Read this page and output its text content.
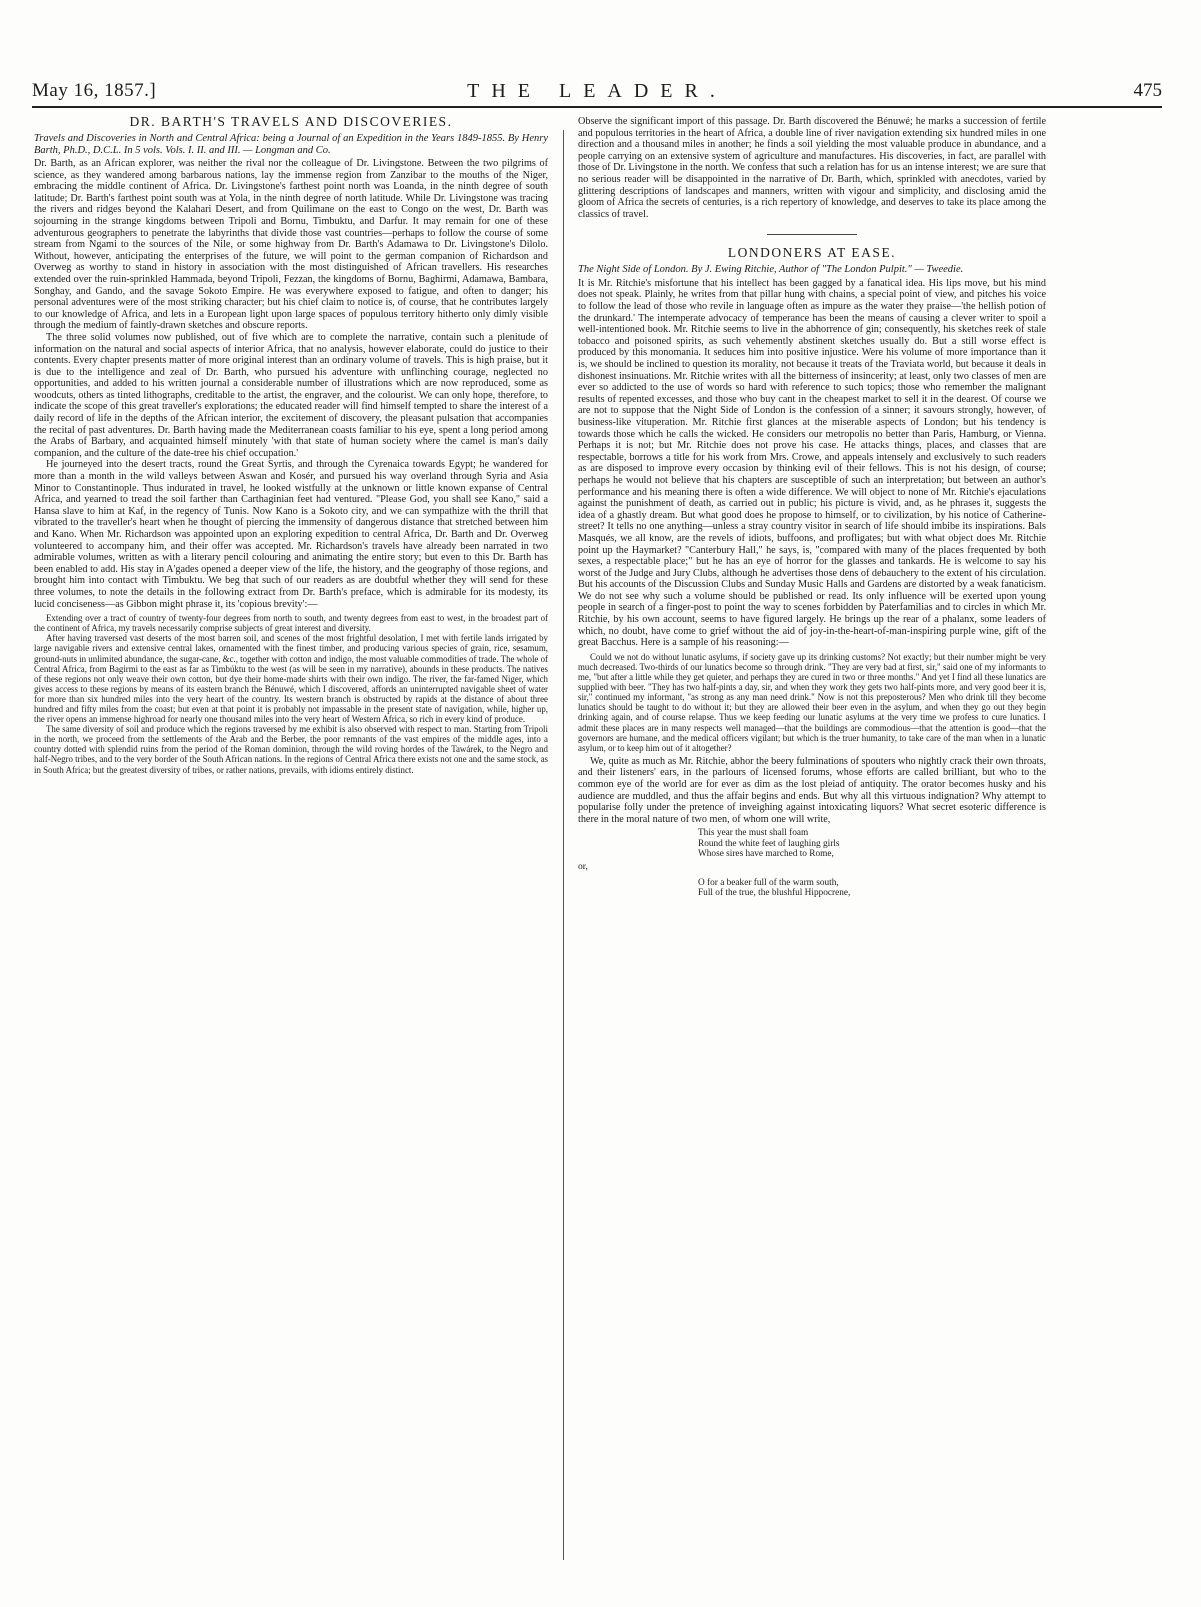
May 16, 1857.]	THE LEADER.	475
DR. BARTH'S TRAVELS AND DISCOVERIES.

Travels and Discoveries in North and Central Africa: being a Journal of an Expedition in the Years 1849-1855. By Henry Barth, Ph.D., D.C.L. In 5 vols. Vols. I. II. and III. — Longman and Co.

Dr. Barth, as an African explorer, was neither the rival nor the colleague of Dr. Livingstone. Between the two pilgrims of science, as they wandered among barbarous nations, lay the immense region from Zanzibar to the mouths of the Niger, embracing the middle continent of Africa. Dr. Livingstone's farthest point north was Loanda, in the ninth degree of south latitude; Dr. Barth's farthest point south was at Yola, in the ninth degree of north latitude. While Dr. Livingstone was tracing the rivers and ridges beyond the Kalahari Desert, and from Quilimane on the east to Congo on the west, Dr. Barth was sojourning in the strange kingdoms between Tripoli and Bornu, Timbuktu, and Darfur. It may remain for one of these adventurous geographers to penetrate the labyrinths that divide those vast countries—perhaps to follow the course of some stream from Ngami to the sources of the Nile, or some highway from Dr. Barth's Adamawa to Dr. Livingstone's Dilolo. Without, however, anticipating the enterprises of the future, we will point to the german companion of Richardson and Overweg as worthy to stand in history in association with the most distinguished of African travellers. His researches extended over the ruin-sprinkled Hammada, beyond Tripoli, Fezzan, the kingdoms of Bornu, Baghirmi, Adamawa, Bambara, Songhay, and Gando, and the savage Sokoto Empire. He was everywhere exposed to fatigue, and often to danger; his personal adventures were of the most striking character; but his chief claim to notice is, of course, that he contributes largely to our knowledge of Africa, and lets in a European light upon large spaces of populous territory hitherto only dimly visible through the medium of faintly-drawn sketches and obscure reports.

The three solid volumes now published, out of five which are to complete the narrative, contain such a plenitude of information on the natural and social aspects of interior Africa, that no analysis, however elaborate, could do justice to their contents. Every chapter presents matter of more original interest than an ordinary volume of travels. This is high praise, but it is due to the intelligence and zeal of Dr. Barth, who pursued his adventure with unflinching courage, neglected no opportunities, and added to his written journal a considerable number of illustrations which are now reproduced, some as woodcuts, others as tinted lithographs, creditable to the artist, the engraver, and the colourist. We can only hope, therefore, to indicate the scope of this great traveller's explorations; the educated reader will find himself tempted to share the interest of a daily record of life in the depths of the African interior, the excitement of discovery, the pleasant pulsation that accompanies the recital of past adventures. Dr. Barth having made the Mediterranean coasts familiar to his eye, spent a long period among the Arabs of Barbary, and acquainted himself minutely 'with that state of human society where the camel is man's daily companion, and the culture of the date-tree his chief occupation.'

He journeyed into the desert tracts, round the Great Syrtis, and through the Cyrenaica towards Egypt; he wandered for more than a month in the wild valleys between Aswan and Kosér, and pursued his way overland through Syria and Asia Minor to Constantinople. Thus indurated in travel, he looked wistfully at the unknown or little known expanse of Central Africa, and yearned to tread the soil farther than Carthaginian feet had ventured. "Please God, you shall see Kano," said a Hansa slave to him at Kaf, in the regency of Tunis. Now Kano is a Sokoto city, and we can sympathize with the thrill that vibrated to the traveller's heart when he thought of piercing the immensity of dangerous distance that stretched between him and Kano. When Mr. Richardson was appointed upon an exploring expedition to central Africa, Dr. Barth and Dr. Overweg volunteered to accompany him, and their offer was accepted. Mr. Richardson's travels have already been narrated in two admirable volumes, written as with a literary pencil colouring and animating the entire story; but even to this Dr. Barth has been enabled to add. His stay in A'gades opened a deeper view of the life, the history, and the geography of those regions, and brought him into contact with Timbuktu. We beg that such of our readers as are doubtful whether they will send for these three volumes, to note the details in the following extract from Dr. Barth's preface, which is admirable for its modesty, its lucid conciseness—as Gibbon might phrase it, its 'copious brevity':—

Extending over a tract of country of twenty-four degrees from north to south, and twenty degrees from east to west, in the broadest part of the continent of Africa, my travels necessarily comprise subjects of great interest and diversity.

After having traversed vast deserts of the most barren soil, and scenes of the most frightful desolation, I met with fertile lands irrigated by large navigable rivers and extensive central lakes, ornamented with the finest timber, and producing various species of grain, rice, sesamum, ground-nuts in unlimited abundance, the sugar-cane, &c., together with cotton and indigo, the most valuable commodities of trade. The whole of Central Africa, from Bagirmi to the east as far as Timbúktu to the west (as will be seen in my narrative), abounds in these products. The natives of these regions not only weave their own cotton, but dye their home-made shirts with their own indigo. The river, the far-famed Niger, which gives access to these regions by means of its eastern branch the Bénuwé, which I discovered, affords an uninterrupted navigable sheet of water for more than six hundred miles into the very heart of the country. Its western branch is obstructed by rapids at the distance of about three hundred and fifty miles from the coast; but even at that point it is probably not impassable in the present state of navigation, while, higher up, the river opens an immense highroad for nearly one thousand miles into the very heart of Western Africa, so rich in every kind of produce.

The same diversity of soil and produce which the regions traversed by me exhibit is also observed with respect to man. Starting from Tripoli in the north, we proceed from the settlements of the Arab and the Berber, the poor remnants of the vast empires of the middle ages, into a country dotted with splendid ruins from the period of the Roman dominion, through the wild roving hordes of the Tawárek, to the Negro and half-Negro tribes, and to the very border of the South African nations. In the regions of Central Africa there exists not one and the same stock, as in South Africa; but the greatest diversity of tribes, or rather nations, prevails, with idioms entirely distinct.

Observe the significant import of this passage. Dr. Barth discovered the Bénuwé; he marks a succession of fertile and populous territories in the heart of Africa, a double line of river navigation extending six hundred miles in one direction and a thousand miles in another; he finds a soil yielding the most valuable produce in abundance, and a people carrying on an extensive system of agriculture and manufactures. His discoveries, in fact, are parallel with those of Dr. Livingstone in the north. We confess that such a relation has for us an intense interest; we are sure that no serious reader will be disappointed in the narrative of Dr. Barth, which, sprinkled with anecdotes, varied by glittering descriptions of landscapes and manners, written with vigour and simplicity, and disclosing amid the gloom of Africa the secrets of centuries, is a rich repertory of knowledge, and deserves to take its place among the classics of travel.

LONDONERS AT EASE.

The Night Side of London. By J. Ewing Ritchie, Author of "The London Pulpit." — Tweedie.

It is Mr. Ritchie's misfortune that his intellect has been gagged by a fanatical idea. His lips move, but his mind does not speak. Plainly, he writes from that pillar hung with chains, a special point of view, and pitches his voice to follow the lead of those who revile in language often as impure as the water they praise—'the hellish potion of the drunkard.' The intemperate advocacy of temperance has been the means of causing a clever writer to spoil a well-intentioned book. Mr. Ritchie seems to live in the abhorrence of gin; consequently, his sketches reek of stale tobacco and poisoned spirits, as such vehemently abstinent sketches usually do. But a still worse effect is produced by this monomania. It seduces him into positive injustice. Were his volume of more importance than it is, we should be inclined to question its morality, not because it treats of the Traviata world, but because it deals in dishonest insinuations. Mr. Ritchie writes with all the bitterness of insincerity; at least, only two classes of men are ever so addicted to the use of words so hard with reference to such topics; those who remember the malignant results of repented excesses, and those who buy cant in the cheapest market to sell it in the dearest. Of course we are not to suppose that the Night Side of London is the confession of a sinner; it savours strongly, however, of business-like vituperation. Mr. Ritchie first glances at the miserable aspects of London; but his tendency is towards those which he calls the wicked. He considers our metropolis no better than Paris, Hamburg, or Vienna. Perhaps it is not; but Mr. Ritchie does not prove his case. He attacks things, places, and classes that are respectable, borrows a title for his work from Mrs. Crowe, and appeals intensely and exclusively to such readers as are disposed to improve every occasion by thinking evil of their fellows. This is not his design, of course; perhaps he would not believe that his chapters are susceptible of such an interpretation; but between an author's performance and his meaning there is often a wide difference. We will object to none of Mr. Ritchie's ejaculations against the punishment of death, as carried out in public; his picture is vivid, and, as he phrases it, suggests the idea of a ghastly dream. But what good does he propose to himself, or to civilization, by his notice of Catherine-street? It tells no one anything—unless a stray country visitor in search of life should imbibe its inspirations. Bals Masqués, we all know, are the revels of idiots, buffoons, and profligates; but with what object does Mr. Ritchie point up the Haymarket? "Canterbury Hall," he says, is, "compared with many of the places frequented by both sexes, a respectable place;" but he has an eye of horror for the glasses and tankards. He is welcome to say his worst of the Judge and Jury Clubs, although he advertises those dens of debauchery to the extent of his circulation. But his accounts of the Discussion Clubs and Sunday Music Halls and Gardens are distorted by a weak fanaticism. We do not see why such a volume should be published or read. Its only influence will be exerted upon young people in search of a finger-post to point the way to scenes forbidden by Paterfamilias and to circles in which Mr. Ritchie, by his own account, seems to have figured largely. He brings up the rear of a phalanx, some leaders of which, no doubt, have come to grief without the aid of joy-in-the-heart-of-man-inspiring purple wine, gift of the great Bacchus. Here is a sample of his reasoning:—

Could we not do without lunatic asylums, if society gave up its drinking customs? Not exactly; but their number might be very much decreased. Two-thirds of our lunatics become so through drink. "They are very bad at first, sir," said one of my informants to me, "but after a little while they get quieter, and perhaps they are cured in two or three months." And yet I find all these lunatics are supplied with beer. "They has two half-pints a day, sir, and when they work they gets two half-pints more, and very good beer it is, sir," continued my informant, "as strong as any man need drink." Now is not this preposterous? Men who drink till they become lunatics should be taught to do without it; but they are allowed their beer even in the asylum, and when they go out they begin drinking again, and of course relapse. Thus we keep feeding our lunatic asylums at the very time we profess to cure lunatics. I admit these places are in many respects well managed—that the buildings are commodious—that the attention is good—that the governors are humane, and the medical officers vigilant; but which is the truer humanity, to take care of the man when in a lunatic asylum, or to keep him out of it altogether?

We, quite as much as Mr. Ritchie, abhor the beery fulminations of spouters who nightly crack their own throats, and their listeners' ears, in the parlours of licensed forums, whose efforts are called brilliant, but who to the common eye of the world are for ever as dim as the lost pleiad of antiquity. The orator becomes husky and his audience are muddled, and thus the affair begins and ends. But why all this virtuous indignation? Why attempt to popularise folly under the pretence of inveighing against intoxicating liquors? What secret esoteric difference is there in the moral nature of two men, of whom one will write,

This year the must shall foam
Round the white feet of laughing girls
Whose sires have marched to Rome,
or,
O for a beaker full of the warm south,
Full of the true, the blushful Hippocrene,
